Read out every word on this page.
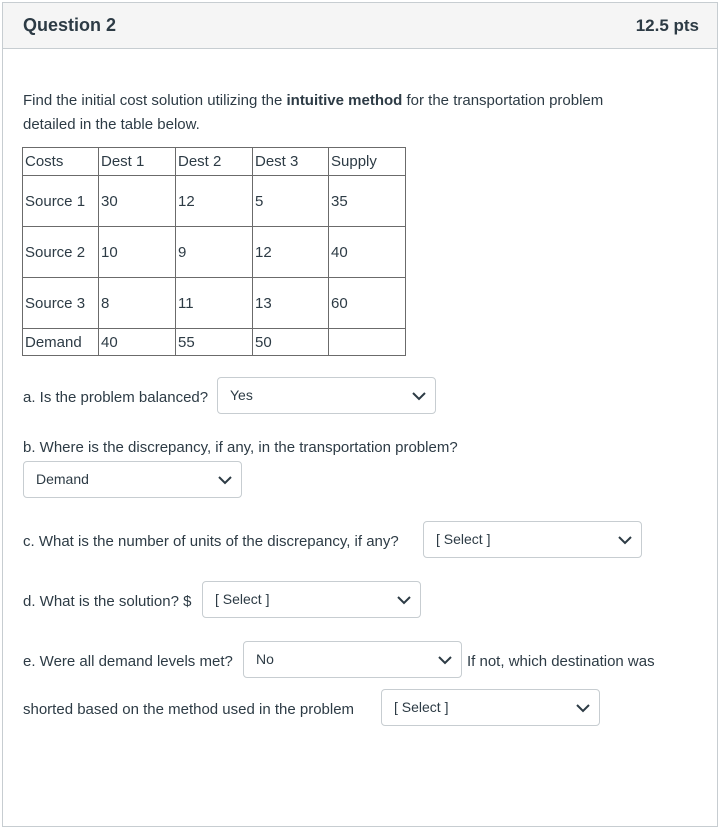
Question 2	12.5 pts
Find the initial cost solution utilizing the intuitive method for the transportation problem
detailed in the table below.
Costs	Dest 1	Dest 2	Dest 3	Supply
Source 1	30	12	5	35
Source 2	10	9	12	40
Source 3	8	11	13	60
Demand	40	55	50	
a. Is the problem balanced? Yes
b. Where is the discrepancy, if any, in the transportation problem?
Demand
c. What is the number of units of the discrepancy, if any?	[ Select ]
d. What is the solution? $ [ Select ]
e. Were all demand levels met? No	If not, which destination was
shorted based on the method used in the problem	[ Select ]
